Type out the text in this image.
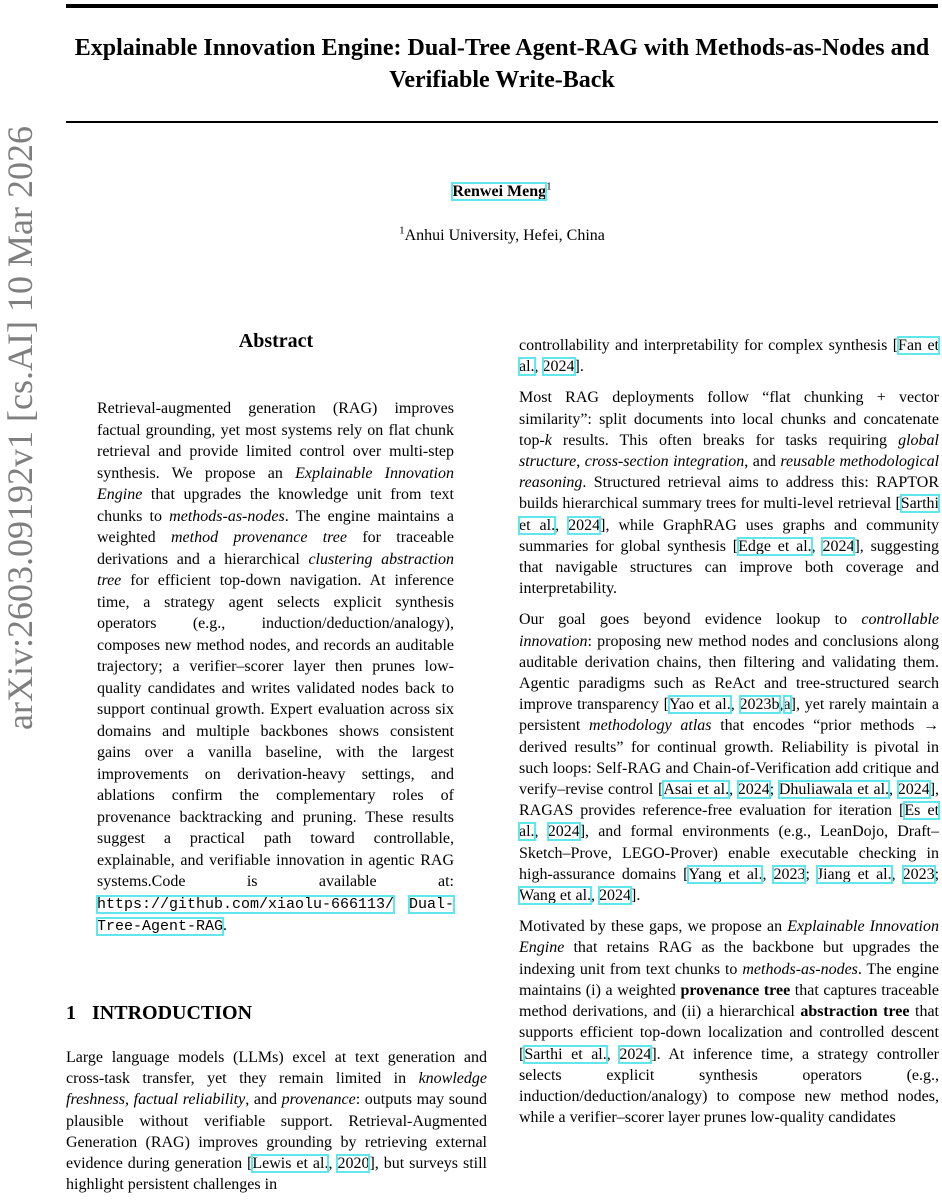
Explainable Innovation Engine: Dual-Tree Agent-RAG with Methods-as-Nodes and Verifiable Write-Back
Renwei Meng$^1$
$^1$Anhui University, Hefei, China
arXiv:2603.09192v1 [cs.AI] 10 Mar 2026	Abstract
Retrieval-augmented generation (RAG) improves factual grounding, yet most systems rely on flat chunk retrieval and provide limited control over multi-step synthesis. We propose an Explainable Innovation Engine that upgrades the knowledge unit from text chunks to methods-as-nodes. The engine maintains a weighted method provenance tree for traceable derivations and a hierarchical clustering abstraction tree for efficient top-down navigation. At inference time, a strategy agent selects explicit synthesis operators (e.g., induction/deduction/analogy), composes new method nodes, and records an auditable trajectory; a verifier–scorer layer then prunes low-quality candidates and writes validated nodes back to support continual growth. Expert evaluation across six domains and multiple backbones shows consistent gains over a vanilla baseline, with the largest improvements on derivation-heavy settings, and ablations confirm the complementary roles of provenance backtracking and pruning. These results suggest a practical path toward controllable, explainable, and verifiable innovation in agentic RAG systems.Code is available at: https://github.com/xiaolu-666113/ Dual-Tree-Agent-RAG.
1 INTRODUCTION
Large language models (LLMs) excel at text generation and cross-task transfer, yet they remain limited in knowledge freshness, factual reliability, and provenance: outputs may sound plausible without verifiable support. Retrieval-Augmented Generation (RAG) improves grounding by retrieving external evidence during generation [Lewis et al., 2020], but surveys still highlight persistent challenges in

controllability and interpretability for complex synthesis [Fan et al., 2024].

Most RAG deployments follow “flat chunking + vector similarity”: split documents into local chunks and concatenate top-k results. This often breaks for tasks requiring global structure, cross-section integration, and reusable methodological reasoning. Structured retrieval aims to address this: RAPTOR builds hierarchical summary trees for multi-level retrieval [Sarthi et al., 2024], while GraphRAG uses graphs and community summaries for global synthesis [Edge et al., 2024], suggesting that navigable structures can improve both coverage and interpretability.

Our goal goes beyond evidence lookup to controllable innovation: proposing new method nodes and conclusions along auditable derivation chains, then filtering and validating them. Agentic paradigms such as ReAct and tree-structured search improve transparency [Yao et al., 2023b,a], yet rarely maintain a persistent methodology atlas that encodes “prior methods → derived results” for continual growth. Reliability is pivotal in such loops: Self-RAG and Chain-of-Verification add critique and verify–revise control [Asai et al., 2024; Dhuliawala et al., 2024], RAGAS provides reference-free evaluation for iteration [Es et al., 2024], and formal environments (e.g., LeanDojo, Draft–Sketch–Prove, LEGO-Prover) enable executable checking in high-assurance domains [Yang et al., 2023; Jiang et al., 2023; Wang et al., 2024].

Motivated by these gaps, we propose an Explainable Innovation Engine that retains RAG as the backbone but upgrades the indexing unit from text chunks to methods-as-nodes. The engine maintains (i) a weighted provenance tree that captures traceable method derivations, and (ii) a hierarchical abstraction tree that supports efficient top-down localization and controlled descent [Sarthi et al., 2024]. At inference time, a strategy controller selects explicit synthesis operators (e.g., induction/deduction/analogy) to compose new method nodes, while a verifier–scorer layer prunes low-quality candidates
